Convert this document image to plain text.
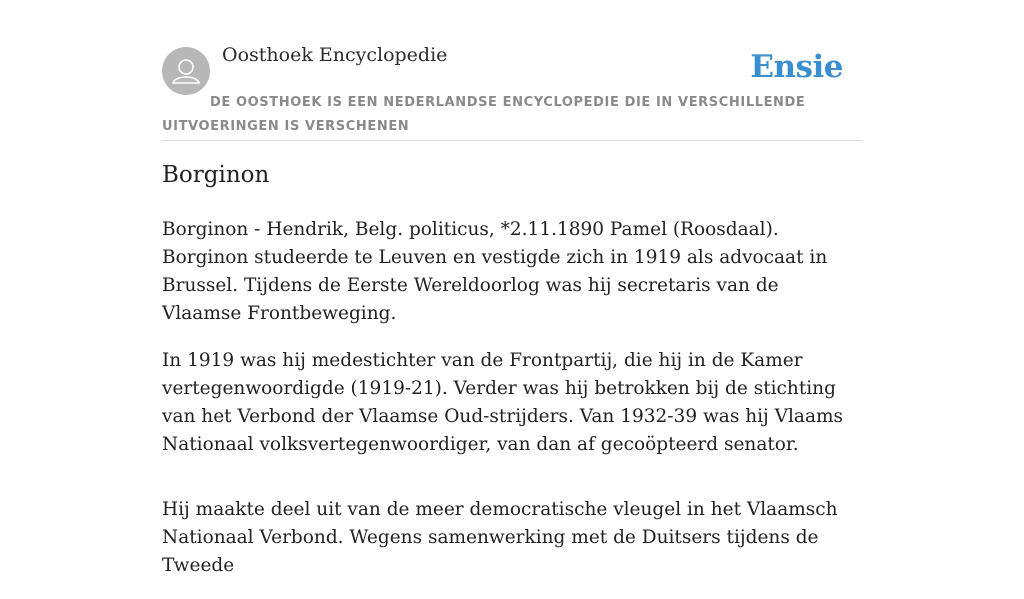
Oosthoek Encyclopedie	Ensie
DE OOSTHOEK IS EEN NEDERLANDSE ENCYCLOPEDIE DIE IN VERSCHILLENDE UITVOERINGEN IS VERSCHENEN
Borginon

Borginon - Hendrik, Belg. politicus, *2.11.1890 Pamel (Roosdaal). Borginon studeerde te Leuven en vestigde zich in 1919 als advocaat in Brussel. Tijdens de Eerste Wereldoorlog was hij secretaris van de Vlaamse Frontbeweging.

In 1919 was hij medestichter van de Frontpartij, die hij in de Kamer vertegenwoordigde (1919-21). Verder was hij betrokken bij de stichting van het Verbond der Vlaamse Oud-strijders. Van 1932-39 was hij Vlaams Nationaal volksvertegenwoordiger, van dan af gecoöpteerd senator.

Hij maakte deel uit van de meer democratische vleugel in het Vlaamsch Nationaal Verbond. Wegens samenwerking met de Duitsers tijdens de Tweede
